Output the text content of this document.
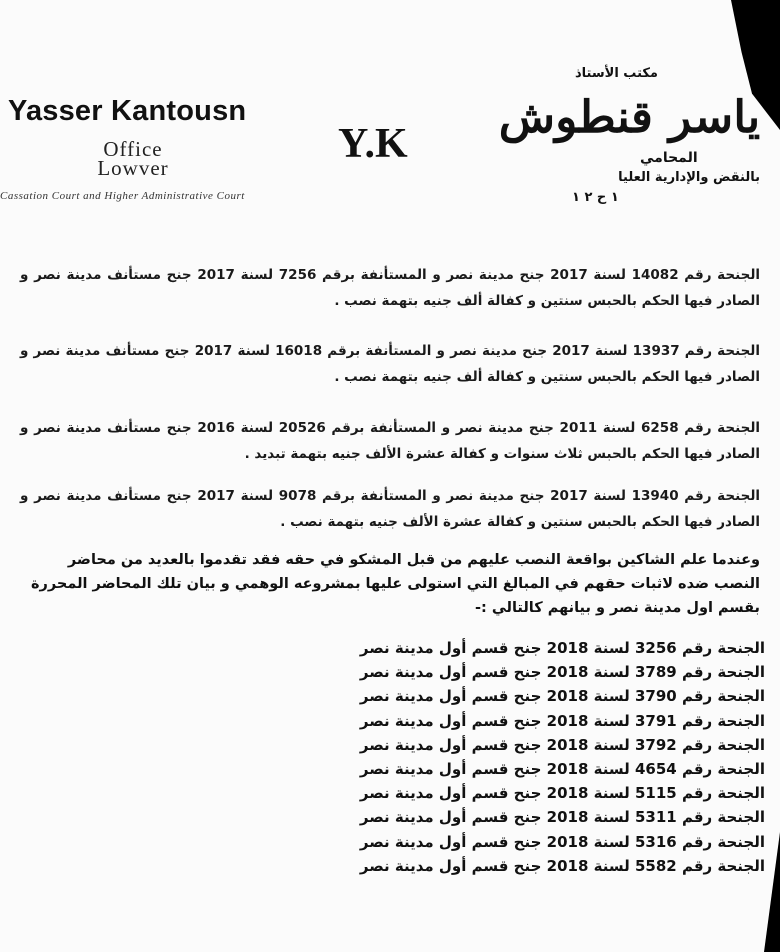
Yasser Kantousn
Office Lowver
Cassation Court and Higher Administrative Court
Y.K
مكتب الأستاذ
ياسر قنطوش
المحامي
بالنقض والإدارية العليا
١ ح ٢ ١
الجنحة رقم 14082 لسنة 2017 جنح مدينة نصر و المستأنفة برقم 7256 لسنة 2017 جنح مستأنف مدينة نصر و الصادر فيها الحكم بالحبس سنتين و كفالة ألف جنيه بتهمة نصب .
الجنحة رقم 13937 لسنة 2017 جنح مدينة نصر و المستأنفة برقم 16018 لسنة 2017 جنح مستأنف مدينة نصر و الصادر فيها الحكم بالحبس سنتين و كفالة ألف جنيه بتهمة نصب .
الجنحة رقم 6258 لسنة 2011 جنح مدينة نصر و المستأنفة برقم 20526 لسنة 2016 جنح مستأنف مدينة نصر و الصادر فيها الحكم بالحبس ثلاث سنوات و كفالة عشرة الألف جنيه بتهمة تبديد .
الجنحة رقم 13940 لسنة 2017 جنح مدينة نصر و المستأنفة برقم 9078 لسنة 2017 جنح مستأنف مدينة نصر و الصادر فيها الحكم بالحبس سنتين و كفالة عشرة الألف جنيه بتهمة نصب .
وعندما علم الشاكين بواقعة النصب عليهم من قبل المشكو في حقه فقد تقدموا بالعديد من محاضر النصب ضده لاثبات حقهم في المبالغ التي استولى عليها بمشروعه الوهمي و بيان تلك المحاضر المحررة بقسم اول مدينة نصر و بيانهم كالتالي :-
الجنحة رقم 3256 لسنة 2018 جنح قسم أول مدينة نصر
الجنحة رقم 3789 لسنة 2018 جنح قسم أول مدينة نصر
الجنحة رقم 3790 لسنة 2018 جنح قسم أول مدينة نصر
الجنحة رقم 3791 لسنة 2018 جنح قسم أول مدينة نصر
الجنحة رقم 3792 لسنة 2018 جنح قسم أول مدينة نصر
الجنحة رقم 4654 لسنة 2018 جنح قسم أول مدينة نصر
الجنحة رقم 5115 لسنة 2018 جنح قسم أول مدينة نصر
الجنحة رقم 5311 لسنة 2018 جنح قسم أول مدينة نصر
الجنحة رقم 5316 لسنة 2018 جنح قسم أول مدينة نصر
الجنحة رقم 5582 لسنة 2018 جنح قسم أول مدينة نصر
